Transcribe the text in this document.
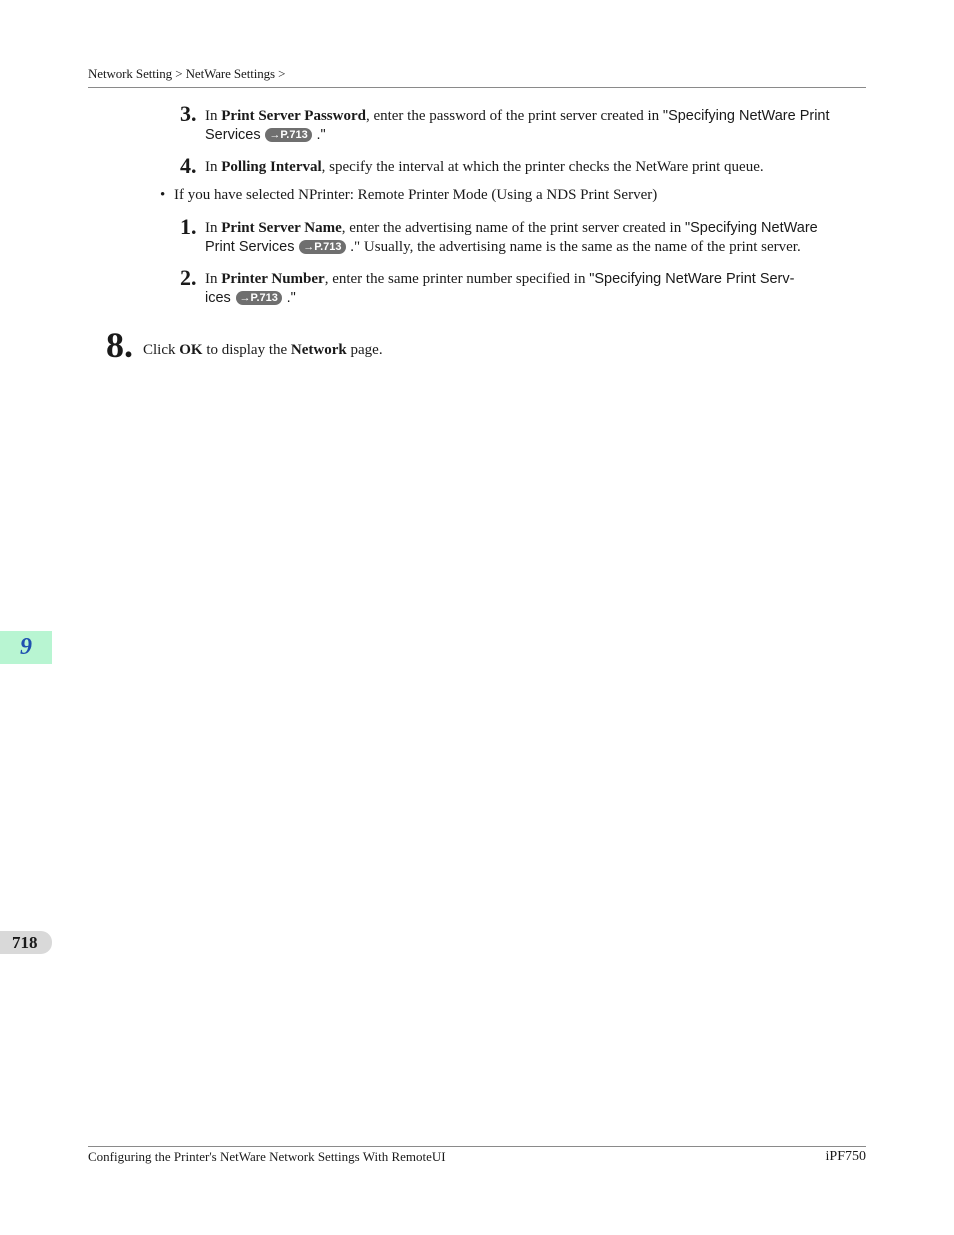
Network Setting > NetWare Settings >
3. In Print Server Password, enter the password of the print server created in "Specifying NetWare Print
Services →P.713 ."
4. In Polling Interval, specify the interval at which the printer checks the NetWare print queue.
• If you have selected NPrinter: Remote Printer Mode (Using a NDS Print Server)
1. In Print Server Name, enter the advertising name of the print server created in "Specifying NetWare
Print Services →P.713 ." Usually, the advertising name is the same as the name of the print server.
2. In Printer Number, enter the same printer number specified in "Specifying NetWare Print Serv-
ices →P.713 ."
8. Click OK to display the Network page.
9
718
Configuring the Printer's NetWare Network Settings With RemoteUI	iPF750
